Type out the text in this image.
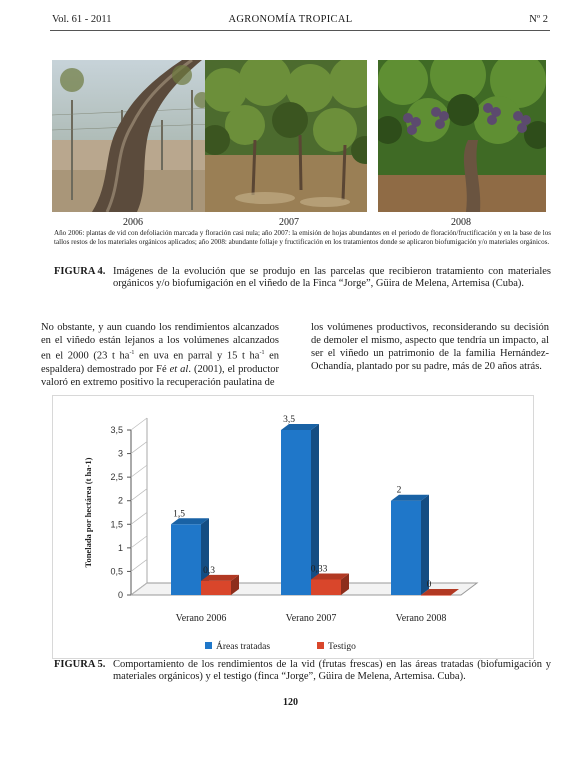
Vol. 61 - 2011	AGRONOMÍA TROPICAL	Nº 2
2006	2007	2008
Año 2006: plantas de vid con defoliación marcada y floración casi nula; año 2007: la emisión de hojas abundantes en el periodo de floración/fructificación y en la base de los tallos restos de los materiales orgánicos aplicados; año 2008: abundante follaje y fructificación en los tratamientos donde se aplicaron biofumigación y/o materiales orgánicos.
FIGURA 4. Imágenes de la evolución que se produjo en las parcelas que recibieron tratamiento con materiales orgánicos y/o biofumigación en el viñedo de la Finca “Jorge”, Güira de Melena, Artemisa (Cuba).
No obstante, y aun cuando los rendimientos alcanzados en el viñedo están lejanos a los volúmenes alcanzados en el 2000 (23 t $ha^{-1}$ en uva en parral y 15 t $ha^{-1}$ en espaldera) demostrado por Fé et al. (2001), el productor valoró en extremo positivo la recuperación paulatina de
los volúmenes productivos, reconsiderando su decisión de demoler el mismo, aspecto que tendría un impacto, al ser el viñedo un patrimonio de la familia Hernández-Ochandía, plantado por su padre, más de 20 años atrás.
0
0,5
1
1,5
2
2,5
3
3,5
Tonelada por hectárea (t ha-1)	1,5
0,3
Verano 2006
3,5
0,33
Verano 2007
2
0
Verano 2008
Áreas tratadas	Testigo
FIGURA 5. Comportamiento de los rendimientos de la vid (frutas frescas) en las áreas tratadas (biofumigación y materiales orgánicos) y el testigo (finca “Jorge”, Güira de Melena, Artemisa. Cuba).
120
